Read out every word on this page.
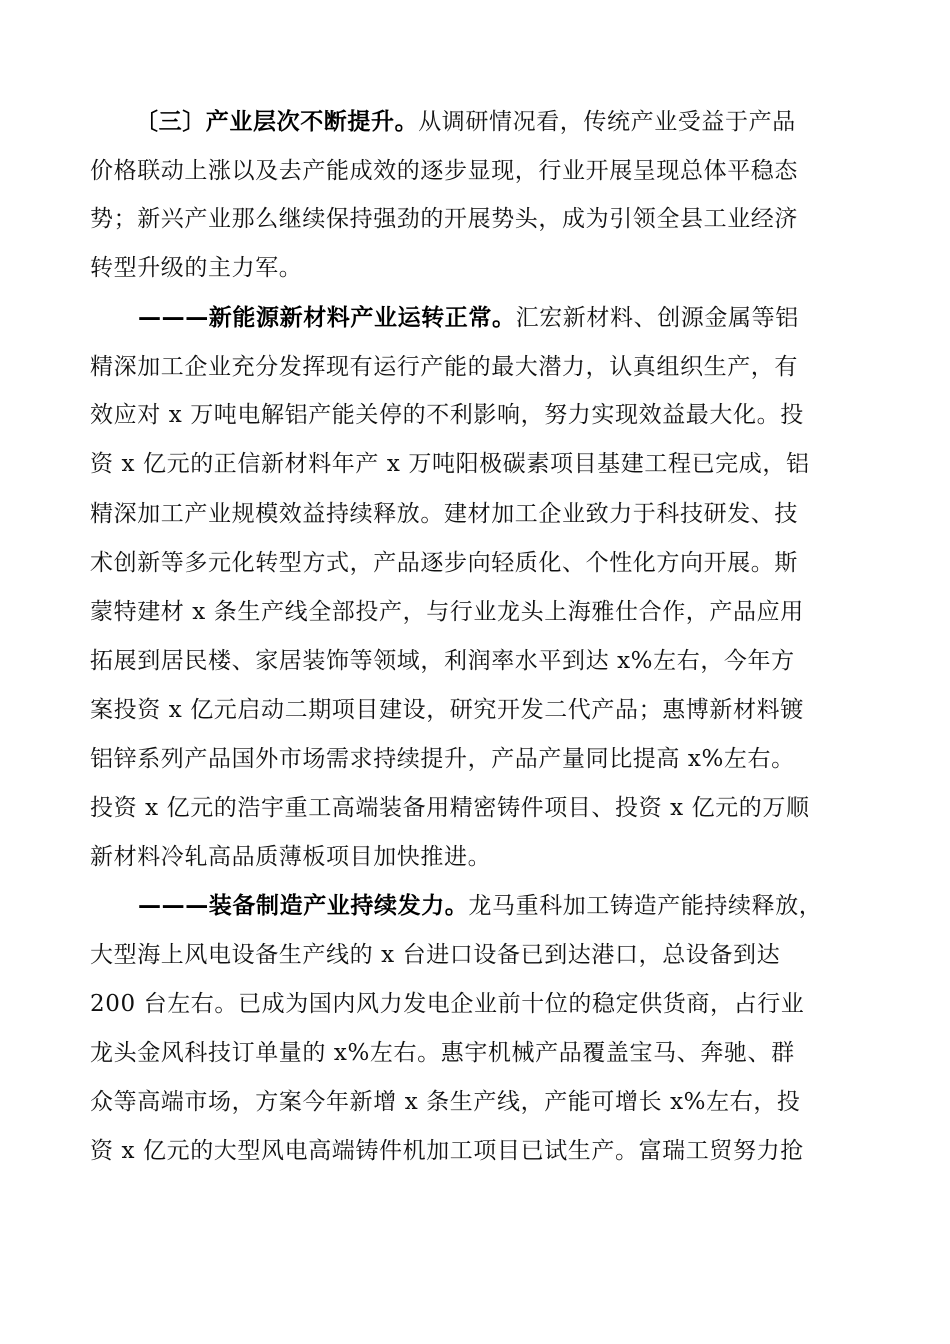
〔三〕产业层次不断提升。从调研情况看，传统产业受益于产品
价格联动上涨以及去产能成效的逐步显现，行业开展呈现总体平稳态
势；新兴产业那么继续保持强劲的开展势头，成为引领全县工业经济
转型升级的主力军。
———新能源新材料产业运转正常。汇宏新材料、创源金属等铝
精深加工企业充分发挥现有运行产能的最大潜力，认真组织生产，有
效应对 x 万吨电解铝产能关停的不利影响，努力实现效益最大化。投
资 x 亿元的正信新材料年产 x 万吨阳极碳素项目基建工程已完成，铝
精深加工产业规模效益持续释放。建材加工企业致力于科技研发、技
术创新等多元化转型方式，产品逐步向轻质化、个性化方向开展。斯
蒙特建材 x 条生产线全部投产，与行业龙头上海雅仕合作，产品应用
拓展到居民楼、家居装饰等领域，利润率水平到达 x%左右，今年方
案投资 x 亿元启动二期项目建设，研究开发二代产品；惠博新材料镀
铝锌系列产品国外市场需求持续提升，产品产量同比提高 x%左右。
投资 x 亿元的浩宇重工高端装备用精密铸件项目、投资 x 亿元的万顺
新材料冷轧高品质薄板项目加快推进。
———装备制造产业持续发力。龙马重科加工铸造产能持续释放，
大型海上风电设备生产线的 x 台进口设备已到达港口，总设备到达
200 台左右。已成为国内风力发电企业前十位的稳定供货商，占行业
龙头金风科技订单量的 x%左右。惠宇机械产品覆盖宝马、奔驰、群
众等高端市场，方案今年新增 x 条生产线，产能可增长 x%左右，投
资 x 亿元的大型风电高端铸件机加工项目已试生产。富瑞工贸努力抢
